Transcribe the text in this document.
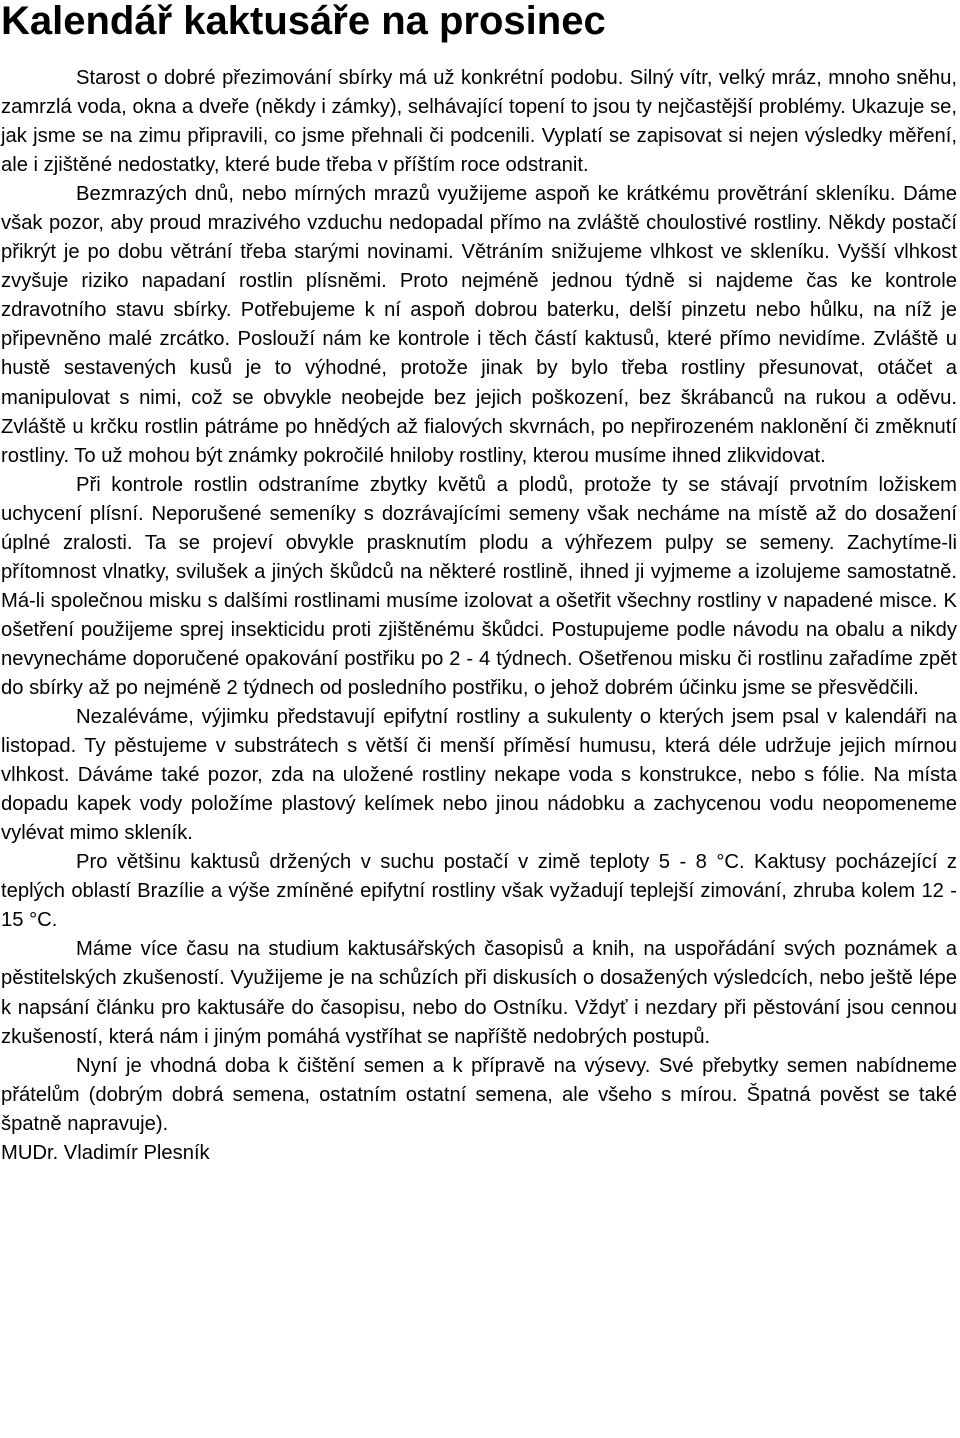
Kalendář kaktusáře na prosinec

Starost o dobré přezimování sbírky má už konkrétní podobu. Silný vítr, velký mráz, mnoho sněhu, zamrzlá voda, okna a dveře (někdy i zámky), selhávající topení to jsou ty nejčastější problémy. Ukazuje se, jak jsme se na zimu připravili, co jsme přehnali či podcenili. Vyplatí se zapisovat si nejen výsledky měření, ale i zjištěné nedostatky, které bude třeba v příštím roce odstranit.

Bezmrazých dnů, nebo mírných mrazů využijeme aspoň ke krátkému provětrání skleníku. Dáme však pozor, aby proud mrazivého vzduchu nedopadal přímo na zvláště choulostivé rostliny. Někdy postačí přikrýt je po dobu větrání třeba starými novinami. Větráním snižujeme vlhkost ve skleníku. Vyšší vlhkost zvyšuje riziko napadaní rostlin plísněmi. Proto nejméně jednou týdně si najdeme čas ke kontrole zdravotního stavu sbírky. Potřebujeme k ní aspoň dobrou baterku, delší pinzetu nebo hůlku, na níž je připevněno malé zrcátko. Poslouží nám ke kontrole i těch částí kaktusů, které přímo nevidíme. Zvláště u hustě sestavených kusů je to výhodné, protože jinak by bylo třeba rostliny přesunovat, otáčet a manipulovat s nimi, což se obvykle neobejde bez jejich poškození, bez škrábanců na rukou a oděvu. Zvláště u krčku rostlin pátráme po hnědých až fialových skvrnách, po nepřirozeném naklonění či změknutí rostliny. To už mohou být známky pokročilé hniloby rostliny, kterou musíme ihned zlikvidovat.

Při kontrole rostlin odstraníme zbytky květů a plodů, protože ty se stávají prvotním ložiskem uchycení plísní. Neporušené semeníky s dozrávajícími semeny však necháme na místě až do dosažení úplné zralosti. Ta se projeví obvykle prasknutím plodu a výhřezem pulpy se semeny. Zachytíme-li přítomnost vlnatky, svilušek a jiných škůdců na některé rostlině, ihned ji vyjmeme a izolujeme samostatně. Má-li společnou misku s dalšími rostlinami musíme izolovat a ošetřit všechny rostliny v napadené misce. K ošetření použijeme sprej insekticidu proti zjištěnému škůdci. Postupujeme podle návodu na obalu a nikdy nevynecháme doporučené opakování postřiku po 2 - 4 týdnech. Ošetřenou misku či rostlinu zařadíme zpět do sbírky až po nejméně 2 týdnech od posledního postřiku, o jehož dobrém účinku jsme se přesvědčili.

Nezaléváme, výjimku představují epifytní rostliny a sukulenty o kterých jsem psal v kalendáři na listopad. Ty pěstujeme v substrátech s větší či menší příměsí humusu, která déle udržuje jejich mírnou vlhkost. Dáváme také pozor, zda na uložené rostliny nekape voda s konstrukce, nebo s fólie. Na místa dopadu kapek vody položíme plastový kelímek nebo jinou nádobku a zachycenou vodu neopomeneme vylévat mimo skleník.

Pro většinu kaktusů držených v suchu postačí v zimě teploty 5 - 8 °C. Kaktusy pocházející z teplých oblastí Brazílie a výše zmíněné epifytní rostliny však vyžadují teplejší zimování, zhruba kolem 12 - 15 °C.

Máme více času na studium kaktusářských časopisů a knih, na uspořádání svých poznámek a pěstitelských zkušeností. Využijeme je na schůzích při diskusích o dosažených výsledcích, nebo ještě lépe k napsání článku pro kaktusáře do časopisu, nebo do Ostníku. Vždyť i nezdary při pěstování jsou cennou zkušeností, která nám i jiným pomáhá vystříhat se napříště nedobrých postupů.

Nyní je vhodná doba k čištění semen a k přípravě na výsevy. Své přebytky semen nabídneme přátelům (dobrým dobrá semena, ostatním ostatní semena, ale všeho s mírou. Špatná pověst se také špatně napravuje).

MUDr. Vladimír Plesník
